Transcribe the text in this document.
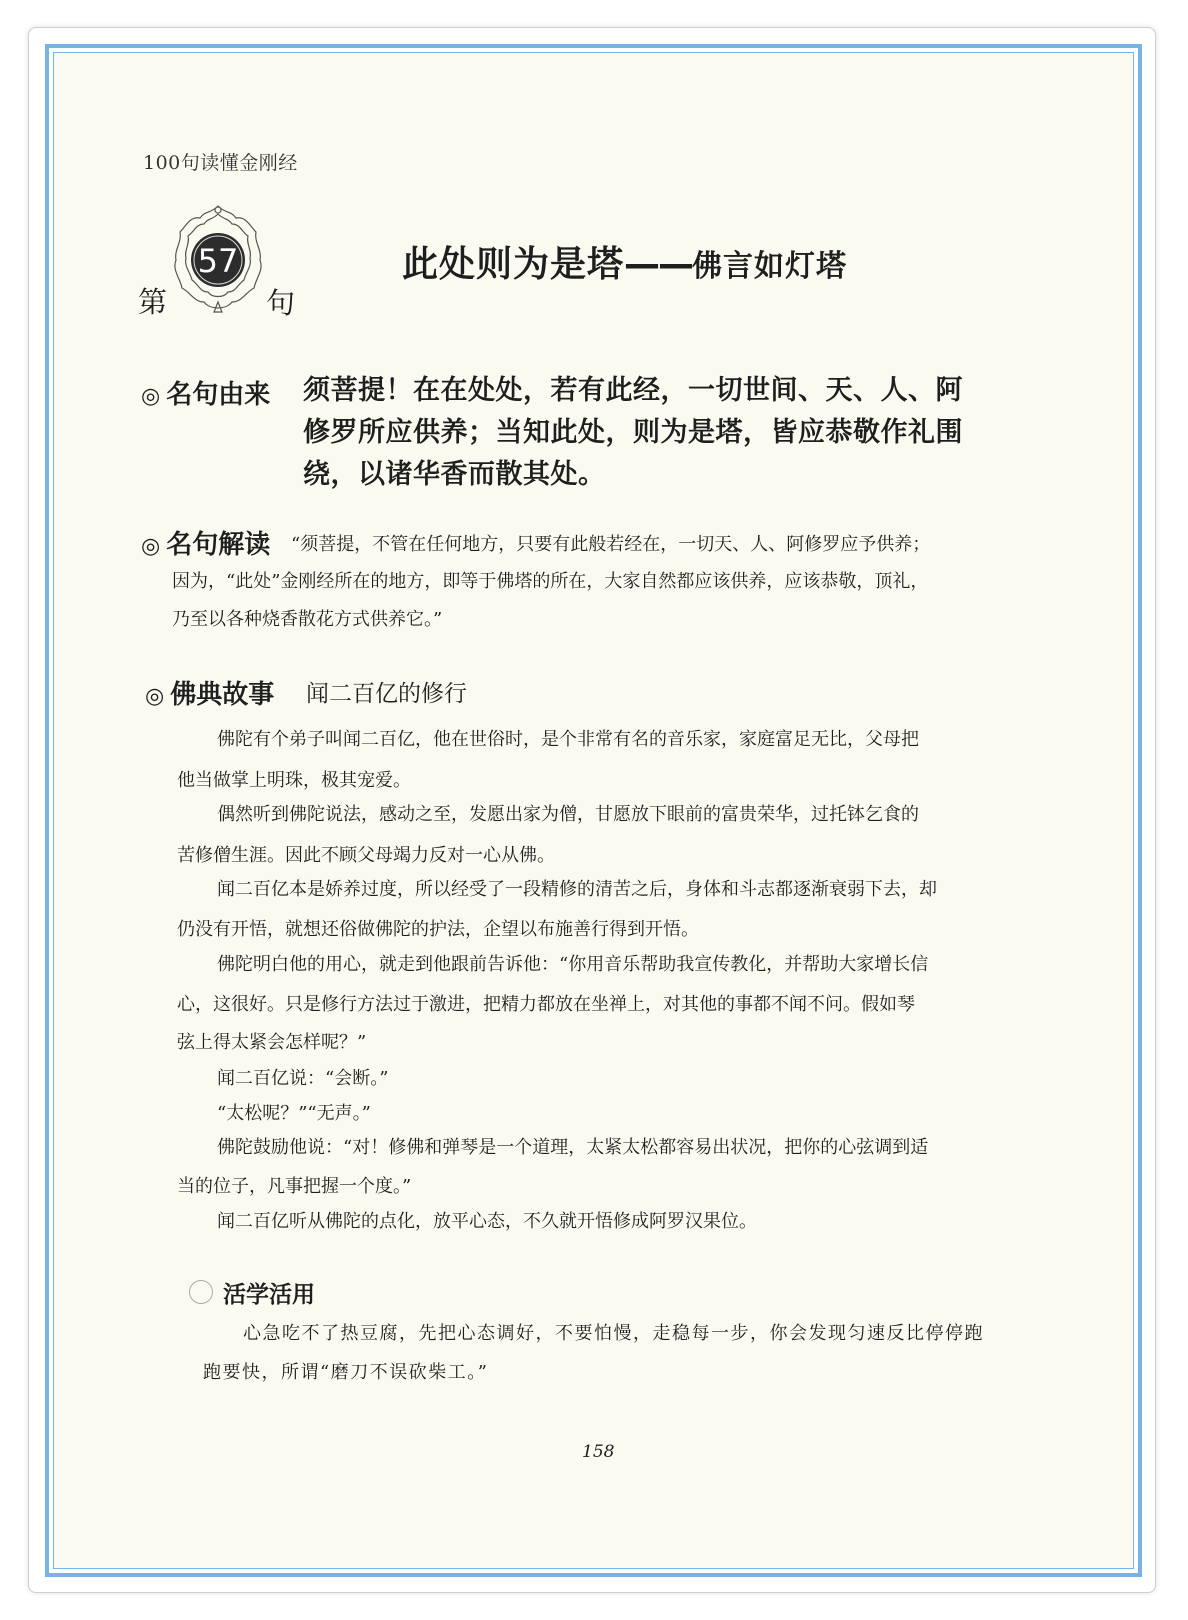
100句读懂金刚经
57
第	句
此处则为是塔——佛言如灯塔
◎ 名句由来 须菩提！在在处处，若有此经，一切世间、天、人、阿
修罗所应供养；当知此处，则为是塔，皆应恭敬作礼围
绕，以诸华香而散其处。
◎ 名句解读 “须菩提，不管在任何地方，只要有此般若经在，一切天、人、阿修罗应予供养；
因为，“此处”金刚经所在的地方，即等于佛塔的所在，大家自然都应该供养，应该恭敬，顶礼，
乃至以各种烧香散花方式供养它。”
◎ 佛典故事 闻二百亿的修行
佛陀有个弟子叫闻二百亿，他在世俗时，是个非常有名的音乐家，家庭富足无比，父母把
他当做掌上明珠，极其宠爱。
偶然听到佛陀说法，感动之至，发愿出家为僧，甘愿放下眼前的富贵荣华，过托钵乞食的
苦修僧生涯。因此不顾父母竭力反对一心从佛。
闻二百亿本是娇养过度，所以经受了一段精修的清苦之后，身体和斗志都逐渐衰弱下去，却
仍没有开悟，就想还俗做佛陀的护法，企望以布施善行得到开悟。
佛陀明白他的用心，就走到他跟前告诉他：“你用音乐帮助我宣传教化，并帮助大家增长信
心，这很好。只是修行方法过于激进，把精力都放在坐禅上，对其他的事都不闻不问。假如琴
弦上得太紧会怎样呢？”
闻二百亿说：“会断。”
“太松呢？”“无声。”
佛陀鼓励他说：“对！修佛和弹琴是一个道理，太紧太松都容易出状况，把你的心弦调到适
当的位子，凡事把握一个度。”
闻二百亿听从佛陀的点化，放平心态，不久就开悟修成阿罗汉果位。
活学活用
心急吃不了热豆腐，先把心态调好，不要怕慢，走稳每一步，你会发现匀速反比停停跑
跑要快，所谓“磨刀不误砍柴工。”
158
